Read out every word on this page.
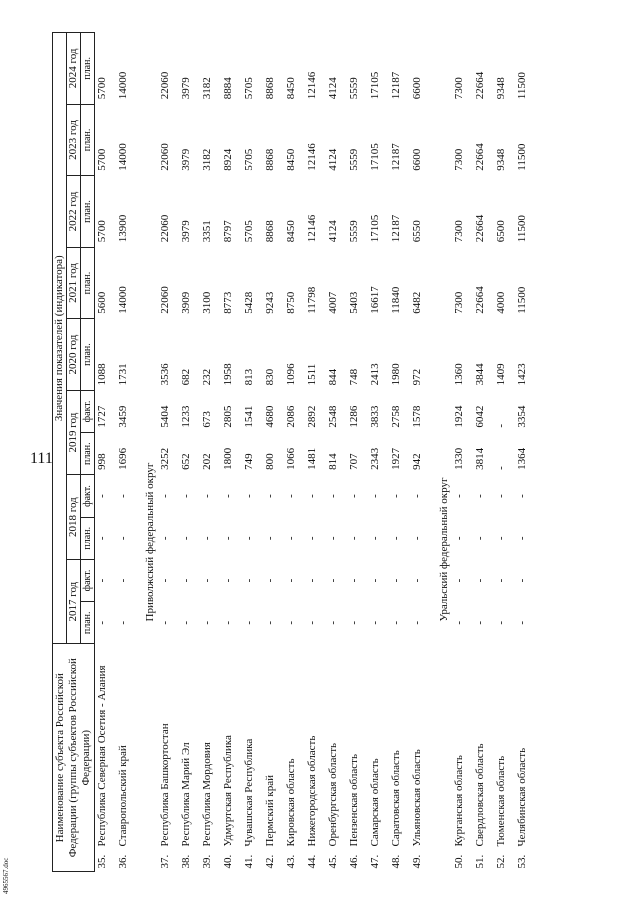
111
Наименование субъекта Российской Федерации (группы субъектов Российской Федерации)	Значения показателей (индикатора)										
	2017 год		2018 год		2019 год		2020 год	2021 год	2022 год	2023 год	2024 год
	план.	факт.	план.	факт.	план.	факт.	план.	план.	план.	план.	план.
35.Республика Северная Осетия - Алания	-	-	-	-	998	1727	1088	5600	5700	5700	5700

36.Ставропольский край	-	-	-	-	1696	3459	1731	14000	13900	14000	14000

Приволжский федеральный округ											
37.Республика Башкортостан	-	-	-	-	3252	5404	3536	22060	22060	22060	22060

38.Республика Марий Эл	-	-	-	-	652	1233	682	3909	3979	3979	3979

39.Республика Мордовия	-	-	-	-	202	673	232	3100	3351	3182	3182

40.Удмуртская Республика	-	-	-	-	1800	2805	1958	8773	8797	8924	8884

41.Чувашская Республика	-	-	-	-	749	1541	813	5428	5705	5705	5705

42.Пермский край	-	-	-	-	800	4680	830	9243	8868	8868	8868

43.Кировская область	-	-	-	-	1066	2086	1096	8750	8450	8450	8450

44.Нижегородская область	-	-	-	-	1481	2892	1511	11798	12146	12146	12146

45.Оренбургская область	-	-	-	-	814	2548	844	4007	4124	4124	4124

46.Пензенская область	-	-	-	-	707	1286	748	5403	5559	5559	5559

47.Самарская область	-	-	-	-	2343	3833	2413	16617	17105	17105	17105

48.Саратовская область	-	-	-	-	1927	2758	1980	11840	12187	12187	12187

49.Ульяновская область	-	-	-	-	942	1578	972	6482	6550	6600	6600

Уральский федеральный округ											
50.Курганская область	-	-	-	-	1330	1924	1360	7300	7300	7300	7300

51.Свердловская область	-	-	-	-	3814	6042	3844	22664	22664	22664	22664

52.Тюменская область	-	-	-	-	-	-	1409	4000	6500	9348	9348

53.Челябинская область	-	-	-	-	1364	3354	1423	11500	11500	11500	11500

4965567.doc
